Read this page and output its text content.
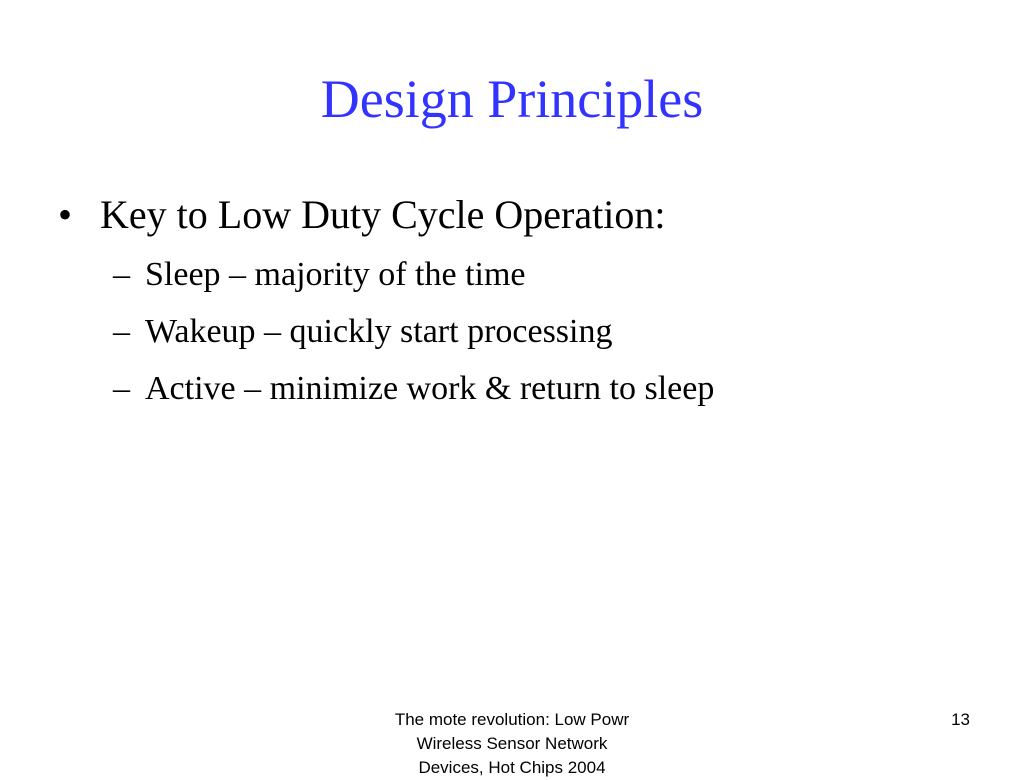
Design Principles
• Key to Low Duty Cycle Operation:
– Sleep – majority of the time
– Wakeup – quickly start processing
– Active – minimize work & return to sleep
The mote revolution: Low Powr
Wireless Sensor Network
Devices, Hot Chips 2004
13
